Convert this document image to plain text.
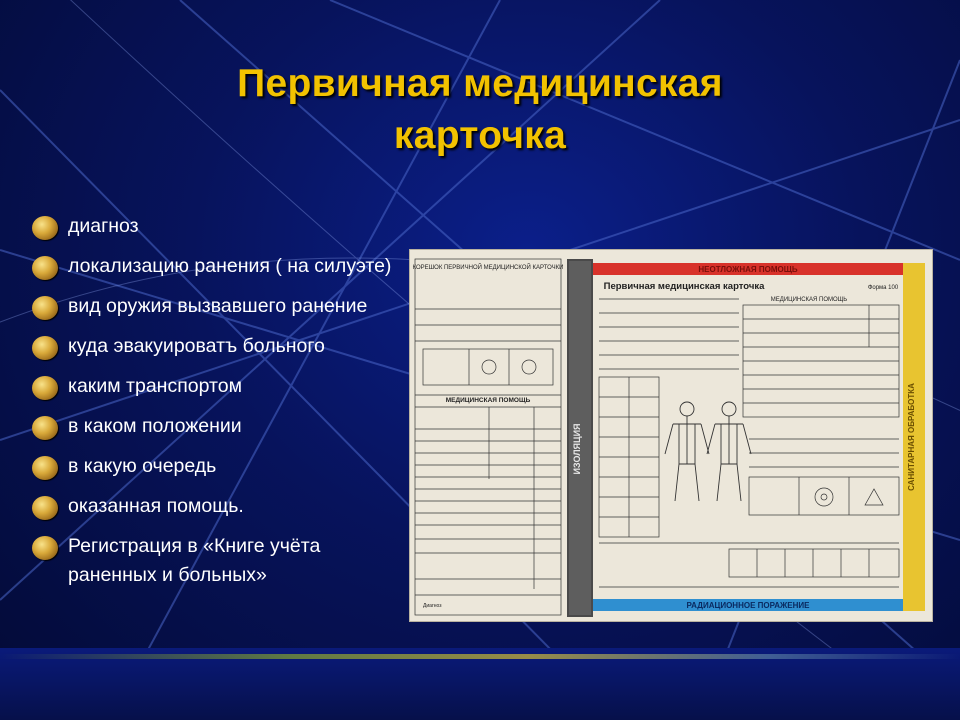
Первичная медицинская
карточка
диагноз
локализацию ранения ( на силуэте)
вид оружия вызвавшего ранение
куда эвакуироватъ больного
каким транспортом
в каком положении
в какую очередь
оказанная помощь.
Регистрация в «Книге учёта раненных и больных»
КОРЕШОК ПЕРВИЧНОЙ МЕДИЦИНСКОЙ КАРТОЧКИ
МЕДИЦИНСКАЯ ПОМОЩЬ
ИЗОЛЯЦИЯ
НЕОТЛОЖНАЯ ПОМОЩЬ
РАДИАЦИОННОЕ ПОРАЖЕНИЕ
САНИТАРНАЯ ОБРАБОТКА
Первичная медицинская карточка	Форма 100
МЕДИЦИНСКАЯ ПОМОЩЬ
Диагноз
